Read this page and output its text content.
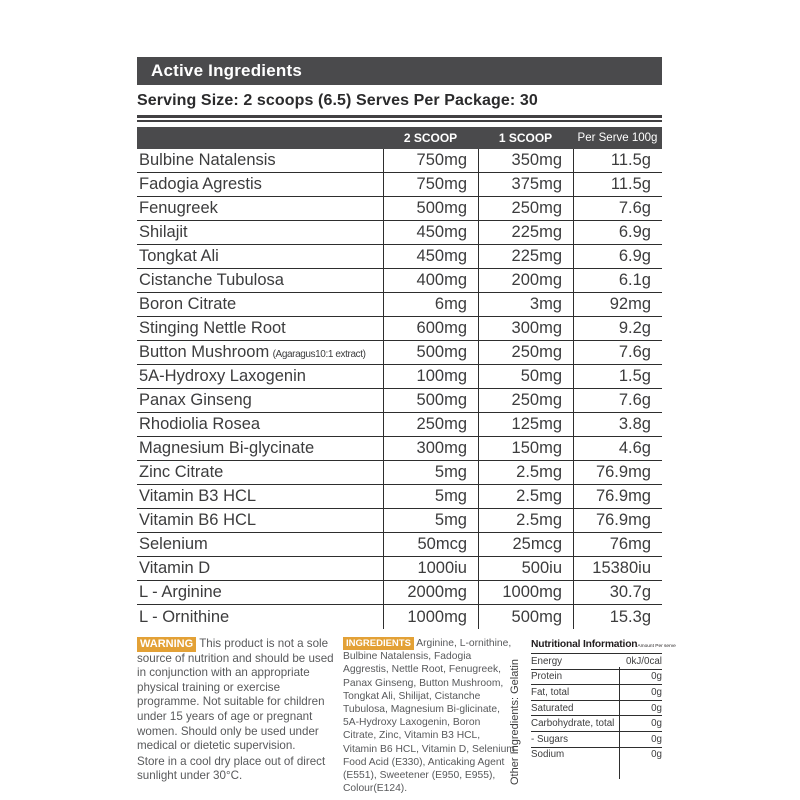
Active Ingredients
Serving Size: 2 scoops (6.5) Serves Per Package: 30
2 SCOOP	1 SCOOP	Per Serve 100g
Bulbine Natalensis	750mg	350mg	11.5g
Fadogia Agrestis	750mg	375mg	11.5g
Fenugreek	500mg	250mg	7.6g
Shilajit	450mg	225mg	6.9g
Tongkat Ali	450mg	225mg	6.9g
Cistanche Tubulosa	400mg	200mg	6.1g
Boron Citrate	6mg	3mg	92mg
Stinging Nettle Root	600mg	300mg	9.2g
Button Mushroom (Agaragus10:1 extract)	500mg	250mg	7.6g
5A-Hydroxy Laxogenin	100mg	50mg	1.5g
Panax Ginseng	500mg	250mg	7.6g
Rhodiolia Rosea	250mg	125mg	3.8g
Magnesium Bi-glycinate	300mg	150mg	4.6g
Zinc Citrate	5mg	2.5mg	76.9mg
Vitamin B3 HCL	5mg	2.5mg	76.9mg
Vitamin B6 HCL	5mg	2.5mg	76.9mg
Selenium	50mcg	25mcg	76mg
Vitamin D	1000iu	500iu	15380iu
L - Arginine	2000mg	1000mg	30.7g
L - Ornithine	1000mg	500mg	15.3g
WARNING This product is not a sole source of nutrition and should be used in conjunction with an appropriate physical training or exercise programme. Not suitable for children under 15 years of age or pregnant women. Should only be used under medical or dietetic supervision.
Store in a cool dry place out of direct sunlight under 30°C.
INGREDIENTS Arginine, L-ornithine, Bulbine Natalensis, Fadogia Aggrestis, Nettle Root, Fenugreek, Panax Ginseng, Button Mushroom, Tongkat Ali, Shilijat, Cistanche Tubulosa, Magnesium Bi-glicinate, 5A-Hydroxy Laxogenin, Boron Citrate, Zinc, Vitamin B3 HCL, Vitamin B6 HCL, Vitamin D, Selenium Food Acid (E330), Anticaking Agent (E551), Sweetener (E950, E955), Colour(E124).
Other Ingredients: Gelatin
Nutritional Information Amount Per serve
Energy	0kJ/0cal
Protein	0g
Fat, total	0g
Saturated	0g
Carbohydrate, total	0g
- Sugars	0g
Sodium	0g
